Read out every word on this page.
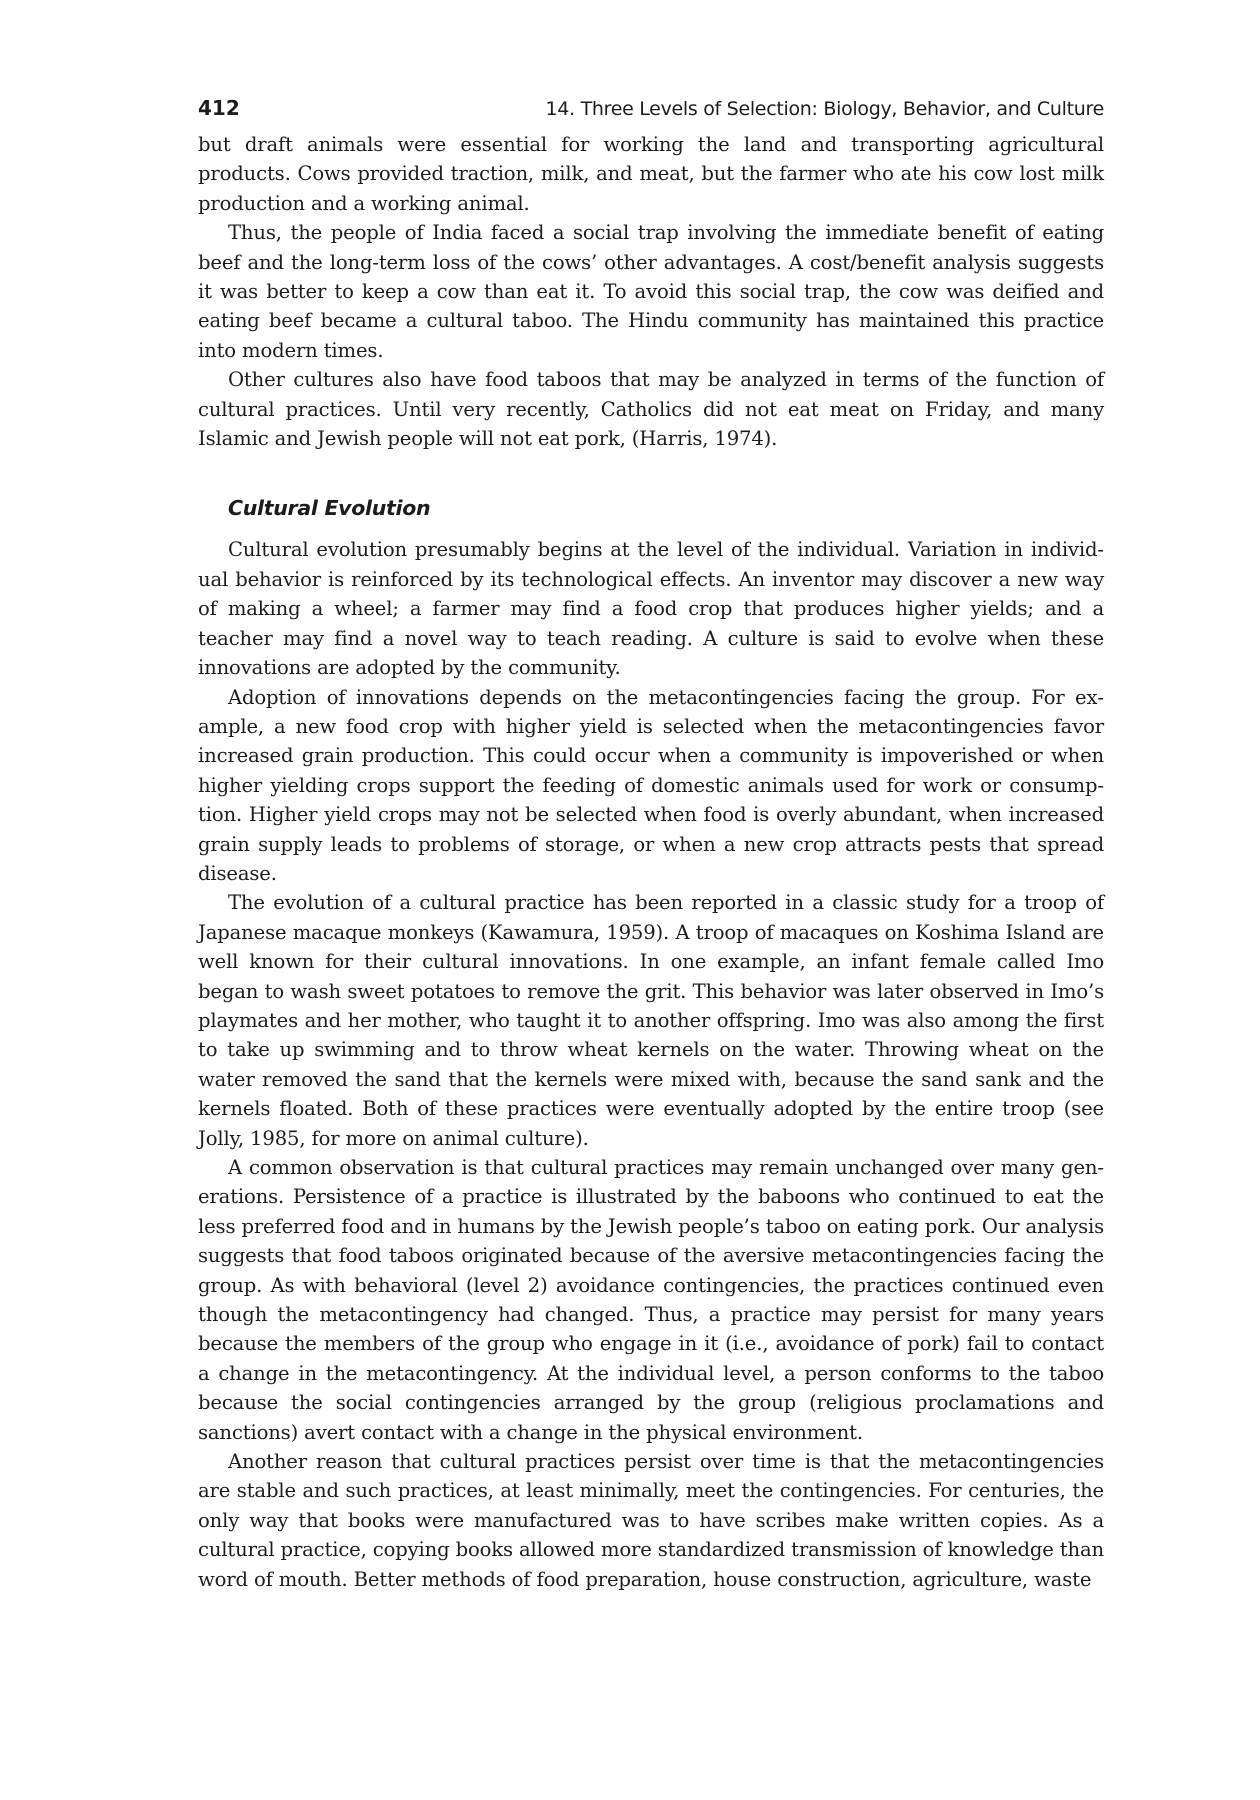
412	14. Three Levels of Selection: Biology, Behavior, and Culture

but draft animals were essential for working the land and transporting agricultural products. Cows provided traction, milk, and meat, but the farmer who ate his cow lost milk production and a working animal.

Thus, the people of India faced a social trap involving the immediate benefit of eating beef and the long-term loss of the cows’ other advantages. A cost/benefit analysis suggests it was better to keep a cow than eat it. To avoid this social trap, the cow was deified and eating beef became a cultural taboo. The Hindu community has maintained this practice into modern times.

Other cultures also have food taboos that may be analyzed in terms of the function of cultural practices. Until very recently, Catholics did not eat meat on Friday, and many Islamic and Jewish people will not eat pork, (Harris, 1974).

Cultural Evolution

Cultural evolution presumably begins at the level of the individual. Variation in individual behavior is reinforced by its technological effects. An inventor may discover a new way of making a wheel; a farmer may find a food crop that produces higher yields; and a teacher may find a novel way to teach reading. A culture is said to evolve when these innovations are adopted by the community.

Adoption of innovations depends on the metacontingencies facing the group. For example, a new food crop with higher yield is selected when the metacontingencies favor increased grain production. This could occur when a community is impoverished or when higher yielding crops support the feeding of domestic animals used for work or consumption. Higher yield crops may not be selected when food is overly abundant, when increased grain supply leads to problems of storage, or when a new crop attracts pests that spread disease.

The evolution of a cultural practice has been reported in a classic study for a troop of Japanese macaque monkeys (Kawamura, 1959). A troop of macaques on Koshima Island are well known for their cultural innovations. In one example, an infant female called Imo began to wash sweet potatoes to remove the grit. This behavior was later observed in Imo’s playmates and her mother, who taught it to another offspring. Imo was also among the first to take up swimming and to throw wheat kernels on the water. Throwing wheat on the water removed the sand that the kernels were mixed with, because the sand sank and the kernels floated. Both of these practices were eventually adopted by the entire troop (see Jolly, 1985, for more on animal culture).

A common observation is that cultural practices may remain unchanged over many generations. Persistence of a practice is illustrated by the baboons who continued to eat the less preferred food and in humans by the Jewish people’s taboo on eating pork. Our analysis suggests that food taboos originated because of the aversive metacontingencies facing the group. As with behavioral (level 2) avoidance contingencies, the practices continued even though the metacontingency had changed. Thus, a practice may persist for many years because the members of the group who engage in it (i.e., avoidance of pork) fail to contact a change in the metacontingency. At the individual level, a person conforms to the taboo because the social contingencies arranged by the group (religious proclamations and sanctions) avert contact with a change in the physical environment.

Another reason that cultural practices persist over time is that the metacontingencies are stable and such practices, at least minimally, meet the contingencies. For centuries, the only way that books were manufactured was to have scribes make written copies. As a cultural practice, copying books allowed more standardized transmission of knowledge than word of mouth. Better methods of food preparation, house construction, agriculture, waste
